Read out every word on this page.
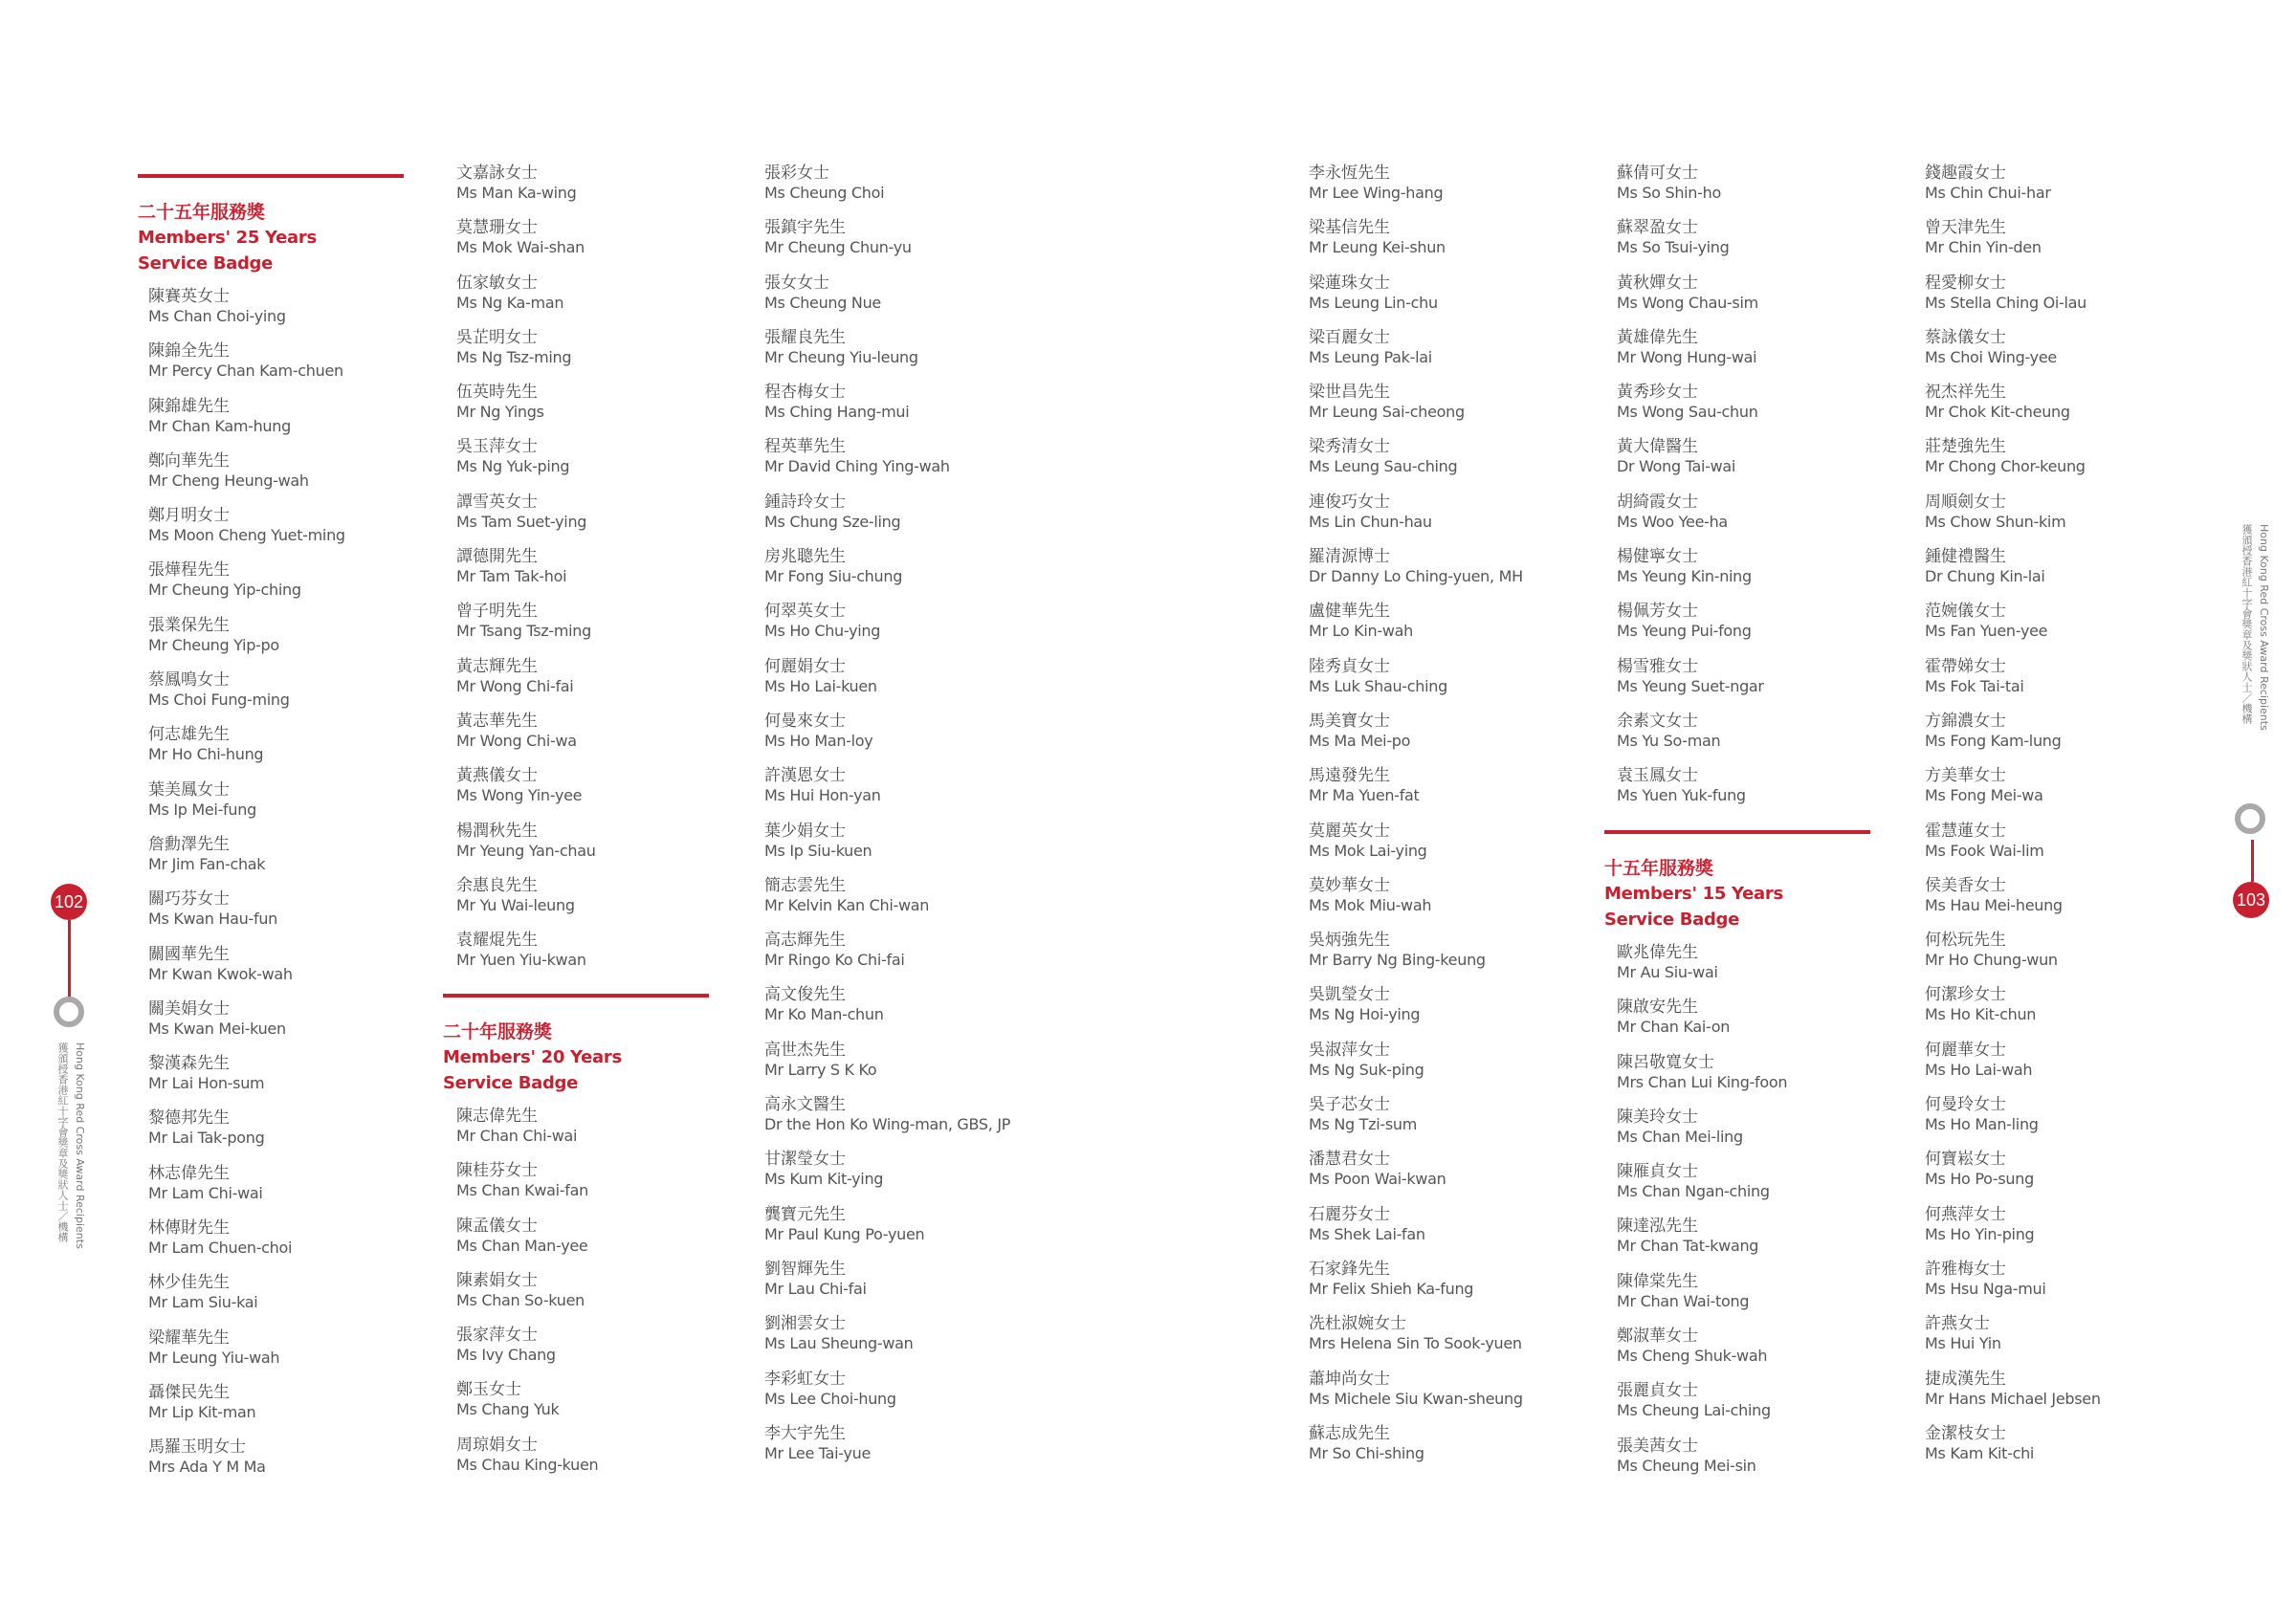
二十五年服務獎
Members' 25 Years
Service Badge
二十年服務獎
Members' 20 Years
Service Badge
十五年服務獎
Members' 15 Years
Service Badge
陳賽英女士
Ms Chan Choi-ying
陳錦全先生
Mr Percy Chan Kam-chuen
陳錦雄先生
Mr Chan Kam-hung
鄭向華先生
Mr Cheng Heung-wah
鄭月明女士
Ms Moon Cheng Yuet-ming
張燁程先生
Mr Cheung Yip-ching
張業保先生
Mr Cheung Yip-po
蔡鳳鳴女士
Ms Choi Fung-ming
何志雄先生
Mr Ho Chi-hung
葉美鳳女士
Ms Ip Mei-fung
詹勳澤先生
Mr Jim Fan-chak
關巧芬女士
Ms Kwan Hau-fun
關國華先生
Mr Kwan Kwok-wah
關美娟女士
Ms Kwan Mei-kuen
黎漢森先生
Mr Lai Hon-sum
黎德邦先生
Mr Lai Tak-pong
林志偉先生
Mr Lam Chi-wai
林傳財先生
Mr Lam Chuen-choi
林少佳先生
Mr Lam Siu-kai
梁耀華先生
Mr Leung Yiu-wah
聶傑民先生
Mr Lip Kit-man
馬羅玉明女士
Mrs Ada Y M Ma
文嘉詠女士
Ms Man Ka-wing
莫慧珊女士
Ms Mok Wai-shan
伍家敏女士
Ms Ng Ka-man
吳芷明女士
Ms Ng Tsz-ming
伍英時先生
Mr Ng Yings
吳玉萍女士
Ms Ng Yuk-ping
譚雪英女士
Ms Tam Suet-ying
譚德開先生
Mr Tam Tak-hoi
曾子明先生
Mr Tsang Tsz-ming
黃志輝先生
Mr Wong Chi-fai
黃志華先生
Mr Wong Chi-wa
黃燕儀女士
Ms Wong Yin-yee
楊潤秋先生
Mr Yeung Yan-chau
余惠良先生
Mr Yu Wai-leung
袁耀焜先生
Mr Yuen Yiu-kwan
陳志偉先生
Mr Chan Chi-wai
陳桂芬女士
Ms Chan Kwai-fan
陳孟儀女士
Ms Chan Man-yee
陳素娟女士
Ms Chan So-kuen
張家萍女士
Ms Ivy Chang
鄭玉女士
Ms Chang Yuk
周琼娟女士
Ms Chau King-kuen
張彩女士
Ms Cheung Choi
張鎮宇先生
Mr Cheung Chun-yu
張女女士
Ms Cheung Nue
張耀良先生
Mr Cheung Yiu-leung
程杏梅女士
Ms Ching Hang-mui
程英華先生
Mr David Ching Ying-wah
鍾詩玲女士
Ms Chung Sze-ling
房兆聰先生
Mr Fong Siu-chung
何翠英女士
Ms Ho Chu-ying
何麗娟女士
Ms Ho Lai-kuen
何曼來女士
Ms Ho Man-loy
許漢恩女士
Ms Hui Hon-yan
葉少娟女士
Ms Ip Siu-kuen
簡志雲先生
Mr Kelvin Kan Chi-wan
高志輝先生
Mr Ringo Ko Chi-fai
高文俊先生
Mr Ko Man-chun
高世杰先生
Mr Larry S K Ko
高永文醫生
Dr the Hon Ko Wing-man, GBS, JP
甘潔瑩女士
Ms Kum Kit-ying
龔寶元先生
Mr Paul Kung Po-yuen
劉智輝先生
Mr Lau Chi-fai
劉湘雲女士
Ms Lau Sheung-wan
李彩虹女士
Ms Lee Choi-hung
李大宇先生
Mr Lee Tai-yue
李永恆先生
Mr Lee Wing-hang
梁基信先生
Mr Leung Kei-shun
梁蓮珠女士
Ms Leung Lin-chu
梁百麗女士
Ms Leung Pak-lai
梁世昌先生
Mr Leung Sai-cheong
梁秀清女士
Ms Leung Sau-ching
連俊巧女士
Ms Lin Chun-hau
羅清源博士
Dr Danny Lo Ching-yuen, MH
盧健華先生
Mr Lo Kin-wah
陸秀貞女士
Ms Luk Shau-ching
馬美寶女士
Ms Ma Mei-po
馬遠發先生
Mr Ma Yuen-fat
莫麗英女士
Ms Mok Lai-ying
莫妙華女士
Ms Mok Miu-wah
吳炳強先生
Mr Barry Ng Bing-keung
吳凱瑩女士
Ms Ng Hoi-ying
吳淑萍女士
Ms Ng Suk-ping
吳子芯女士
Ms Ng Tzi-sum
潘慧君女士
Ms Poon Wai-kwan
石麗芬女士
Ms Shek Lai-fan
石家鋒先生
Mr Felix Shieh Ka-fung
冼杜淑婉女士
Mrs Helena Sin To Sook-yuen
蕭坤尚女士
Ms Michele Siu Kwan-sheung
蘇志成先生
Mr So Chi-shing
蘇倩可女士
Ms So Shin-ho
蘇翠盈女士
Ms So Tsui-ying
黃秋嬋女士
Ms Wong Chau-sim
黃雄偉先生
Mr Wong Hung-wai
黃秀珍女士
Ms Wong Sau-chun
黃大偉醫生
Dr Wong Tai-wai
胡綺霞女士
Ms Woo Yee-ha
楊健寧女士
Ms Yeung Kin-ning
楊佩芳女士
Ms Yeung Pui-fong
楊雪雅女士
Ms Yeung Suet-ngar
余素文女士
Ms Yu So-man
袁玉鳳女士
Ms Yuen Yuk-fung
歐兆偉先生
Mr Au Siu-wai
陳啟安先生
Mr Chan Kai-on
陳呂敬寬女士
Mrs Chan Lui King-foon
陳美玲女士
Ms Chan Mei-ling
陳雁貞女士
Ms Chan Ngan-ching
陳達泓先生
Mr Chan Tat-kwang
陳偉棠先生
Mr Chan Wai-tong
鄭淑華女士
Ms Cheng Shuk-wah
張麗貞女士
Ms Cheung Lai-ching
張美茜女士
Ms Cheung Mei-sin
錢趣霞女士
Ms Chin Chui-har
曾天津先生
Mr Chin Yin-den
程愛柳女士
Ms Stella Ching Oi-lau
蔡詠儀女士
Ms Choi Wing-yee
祝杰祥先生
Mr Chok Kit-cheung
莊楚強先生
Mr Chong Chor-keung
周順劍女士
Ms Chow Shun-kim
鍾健禮醫生
Dr Chung Kin-lai
范婉儀女士
Ms Fan Yuen-yee
霍帶娣女士
Ms Fok Tai-tai
方錦濃女士
Ms Fong Kam-lung
方美華女士
Ms Fong Mei-wa
霍慧蓮女士
Ms Fook Wai-lim
侯美香女士
Ms Hau Mei-heung
何松玩先生
Mr Ho Chung-wun
何潔珍女士
Ms Ho Kit-chun
何麗華女士
Ms Ho Lai-wah
何曼玲女士
Ms Ho Man-ling
何寶崧女士
Ms Ho Po-sung
何燕萍女士
Ms Ho Yin-ping
許雅梅女士
Ms Hsu Nga-mui
許燕女士
Ms Hui Yin
捷成漢先生
Mr Hans Michael Jebsen
金潔枝女士
Ms Kam Kit-chi
102
Hong Kong Red Cross Award Recipients
獲頒授香港紅十字會獎章及獎狀人士／機構
獲頒授香港紅十字會獎章及獎狀人士／機構 Hong Kong Red Cross Award Recipients
103
